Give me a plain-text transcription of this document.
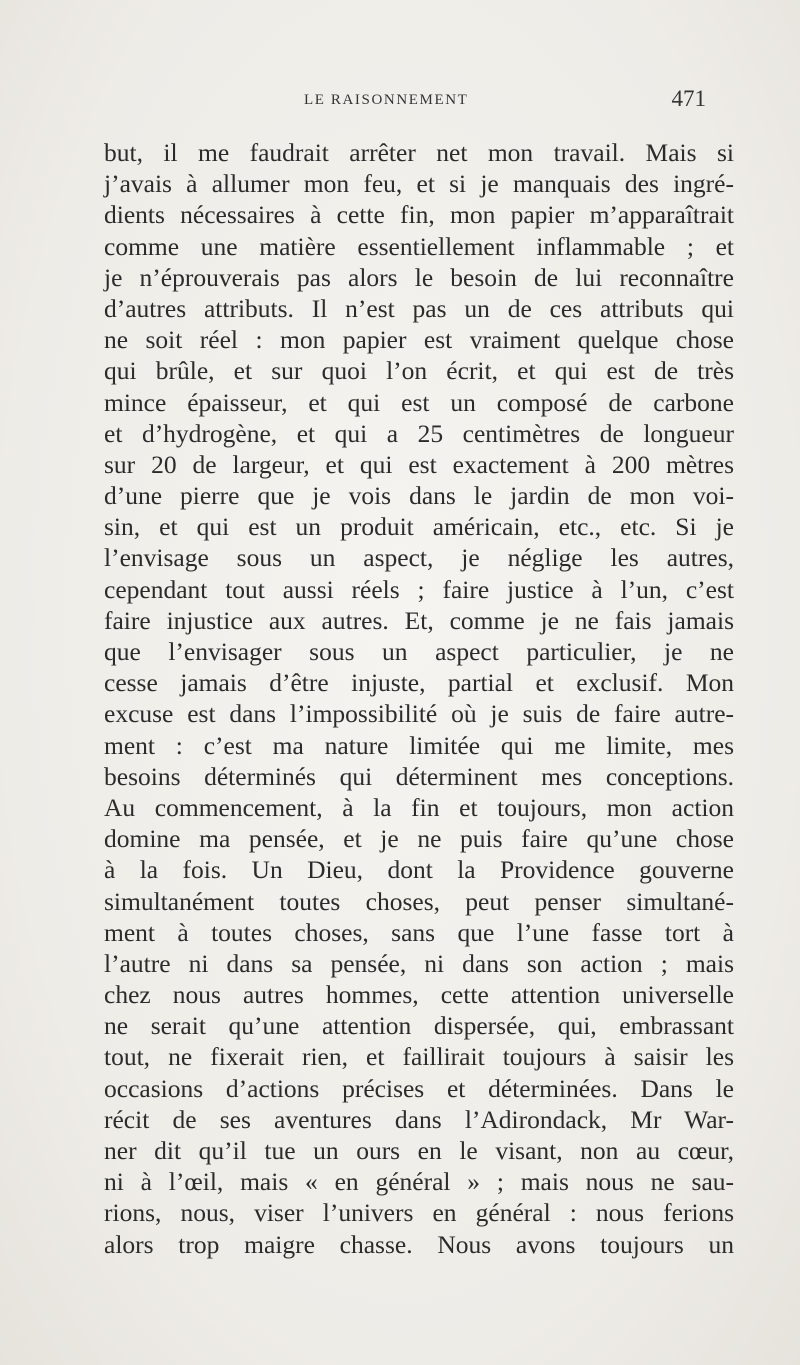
LE RAISONNEMENT	471
but, il me faudrait arrêter net mon travail. Mais si
j’avais à allumer mon feu, et si je manquais des ingré-
dients nécessaires à cette fin, mon papier m’apparaîtrait
comme une matière essentiellement inflammable ; et
je n’éprouverais pas alors le besoin de lui reconnaître
d’autres attributs. Il n’est pas un de ces attributs qui
ne soit réel : mon papier est vraiment quelque chose
qui brûle, et sur quoi l’on écrit, et qui est de très
mince épaisseur, et qui est un composé de carbone
et d’hydrogène, et qui a 25 centimètres de longueur
sur 20 de largeur, et qui est exactement à 200 mètres
d’une pierre que je vois dans le jardin de mon voi-
sin, et qui est un produit américain, etc., etc. Si je
l’envisage sous un aspect, je néglige les autres,
cependant tout aussi réels ; faire justice à l’un, c’est
faire injustice aux autres. Et, comme je ne fais jamais
que l’envisager sous un aspect particulier, je ne
cesse jamais d’être injuste, partial et exclusif. Mon
excuse est dans l’impossibilité où je suis de faire autre-
ment : c’est ma nature limitée qui me limite, mes
besoins déterminés qui déterminent mes conceptions.
Au commencement, à la fin et toujours, mon action
domine ma pensée, et je ne puis faire qu’une chose
à la fois. Un Dieu, dont la Providence gouverne
simultanément toutes choses, peut penser simultané-
ment à toutes choses, sans que l’une fasse tort à
l’autre ni dans sa pensée, ni dans son action ; mais
chez nous autres hommes, cette attention universelle
ne serait qu’une attention dispersée, qui, embrassant
tout, ne fixerait rien, et faillirait toujours à saisir les
occasions d’actions précises et déterminées. Dans le
récit de ses aventures dans l’Adirondack, Mr War-
ner dit qu’il tue un ours en le visant, non au cœur,
ni à l’œil, mais « en général » ; mais nous ne sau-
rions, nous, viser l’univers en général : nous ferions
alors trop maigre chasse. Nous avons toujours un
